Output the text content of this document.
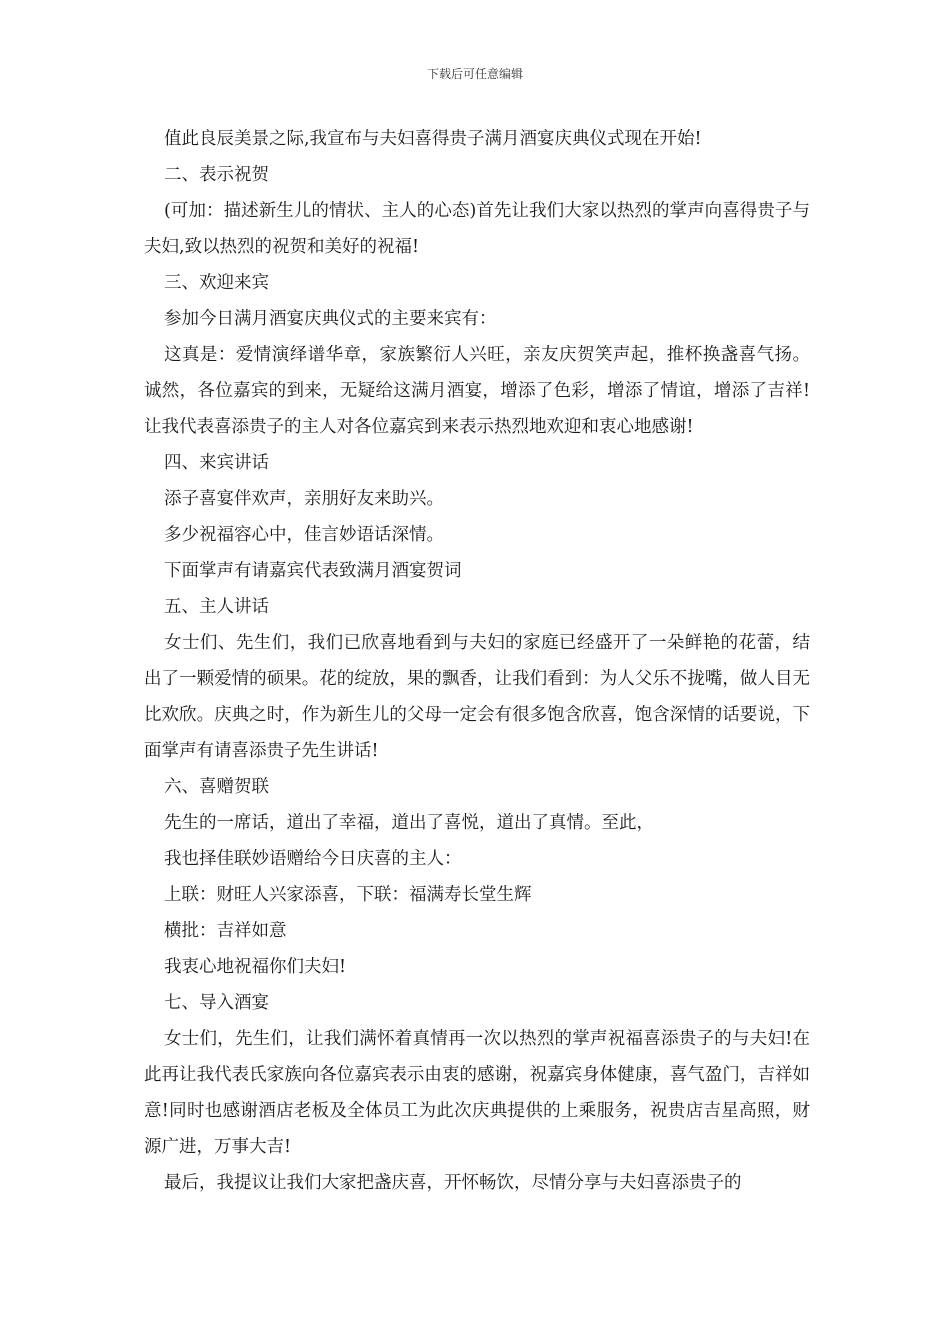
下载后可任意编辑

值此良辰美景之际,我宣布与夫妇喜得贵子满月酒宴庆典仪式现在开始!

二、表示祝贺

(可加：描述新生儿的情状、主人的心态)首先让我们大家以热烈的掌声向喜得贵子与夫妇,致以热烈的祝贺和美好的祝福!

三、欢迎来宾

参加今日满月酒宴庆典仪式的主要来宾有：

这真是：爱情演绎谱华章，家族繁衍人兴旺，亲友庆贺笑声起，推杯换盏喜气扬。诚然，各位嘉宾的到来，无疑给这满月酒宴，增添了色彩，增添了情谊，增添了吉祥!让我代表喜添贵子的主人对各位嘉宾到来表示热烈地欢迎和衷心地感谢!

四、来宾讲话

添子喜宴伴欢声，亲朋好友来助兴。

多少祝福容心中，佳言妙语话深情。

下面掌声有请嘉宾代表致满月酒宴贺词

五、主人讲话

女士们、先生们，我们已欣喜地看到与夫妇的家庭已经盛开了一朵鲜艳的花蕾，结出了一颗爱情的硕果。花的绽放，果的飘香，让我们看到：为人父乐不拢嘴，做人目无比欢欣。庆典之时，作为新生儿的父母一定会有很多饱含欣喜，饱含深情的话要说，下面掌声有请喜添贵子先生讲话!

六、喜赠贺联

先生的一席话，道出了幸福，道出了喜悦，道出了真情。至此，

我也择佳联妙语赠给今日庆喜的主人：

上联：财旺人兴家添喜，下联：福满寿长堂生辉

横批：吉祥如意

我衷心地祝福你们夫妇!

七、导入酒宴

女士们，先生们，让我们满怀着真情再一次以热烈的掌声祝福喜添贵子的与夫妇!在此再让我代表氏家族向各位嘉宾表示由衷的感谢，祝嘉宾身体健康，喜气盈门，吉祥如意!同时也感谢酒店老板及全体员工为此次庆典提供的上乘服务，祝贵店吉星高照，财源广进，万事大吉!

最后，我提议让我们大家把盏庆喜，开怀畅饮，尽情分享与夫妇喜添贵子的
